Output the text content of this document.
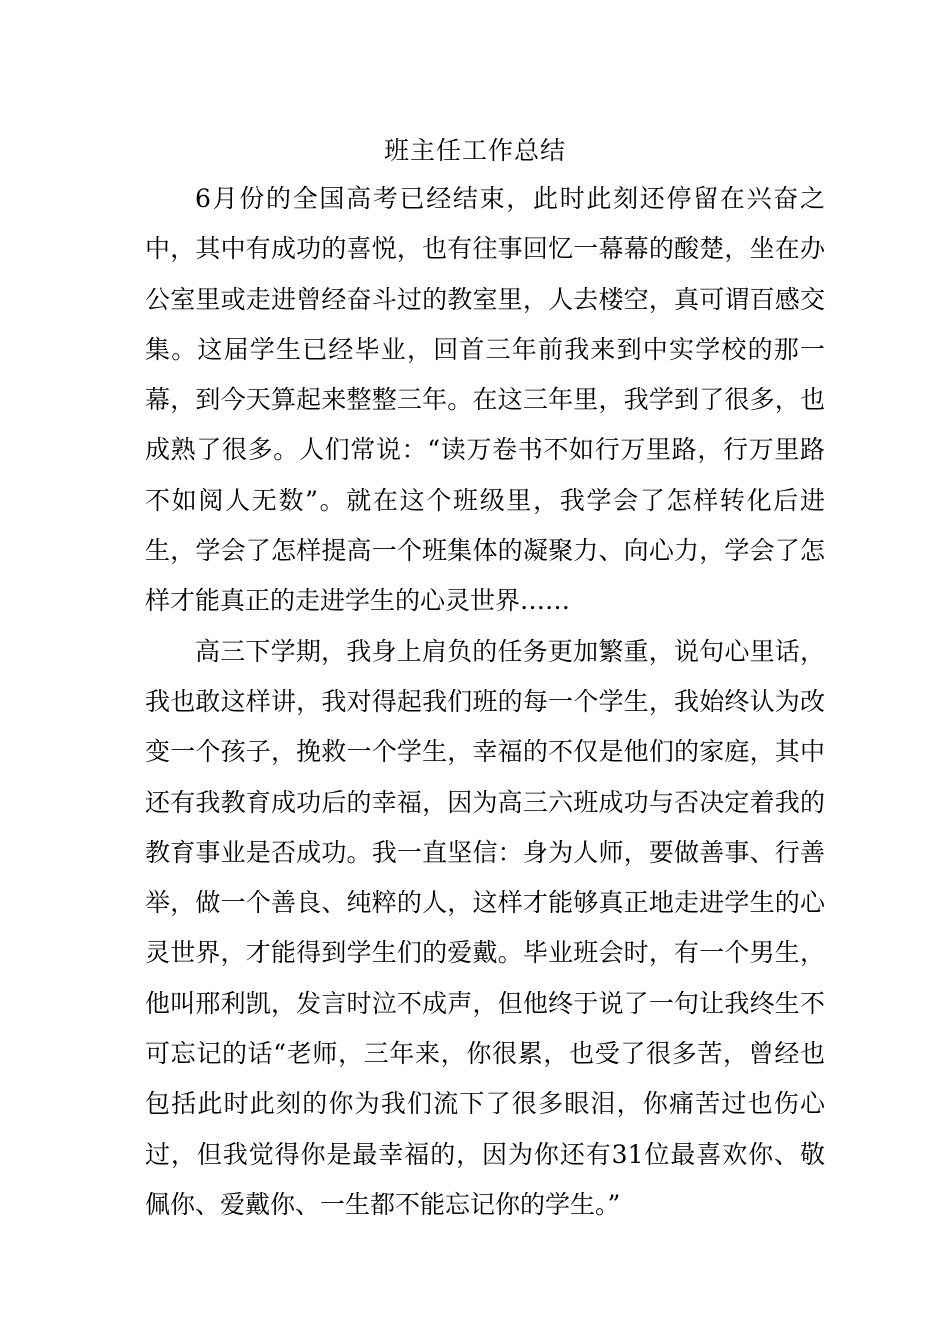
班主任工作总结

6月份的全国高考已经结束，此时此刻还停留在兴奋之中，其中有成功的喜悦，也有往事回忆一幕幕的酸楚，坐在办公室里或走进曾经奋斗过的教室里，人去楼空，真可谓百感交集。这届学生已经毕业，回首三年前我来到中实学校的那一幕，到今天算起来整整三年。在这三年里，我学到了很多，也成熟了很多。人们常说：“读万卷书不如行万里路，行万里路不如阅人无数”。就在这个班级里，我学会了怎样转化后进生，学会了怎样提高一个班集体的凝聚力、向心力，学会了怎样才能真正的走进学生的心灵世界……

高三下学期，我身上肩负的任务更加繁重，说句心里话，我也敢这样讲，我对得起我们班的每一个学生，我始终认为改变一个孩子，挽救一个学生，幸福的不仅是他们的家庭，其中还有我教育成功后的幸福，因为高三六班成功与否决定着我的教育事业是否成功。我一直坚信：身为人师，要做善事、行善举，做一个善良、纯粹的人，这样才能够真正地走进学生的心灵世界，才能得到学生们的爱戴。毕业班会时，有一个男生，他叫邢利凯，发言时泣不成声，但他终于说了一句让我终生不可忘记的话“老师，三年来，你很累，也受了很多苦，曾经也包括此时此刻的你为我们流下了很多眼泪，你痛苦过也伤心过，但我觉得你是最幸福的，因为你还有31位最喜欢你、敬佩你、爱戴你、一生都不能忘记你的学生。”
